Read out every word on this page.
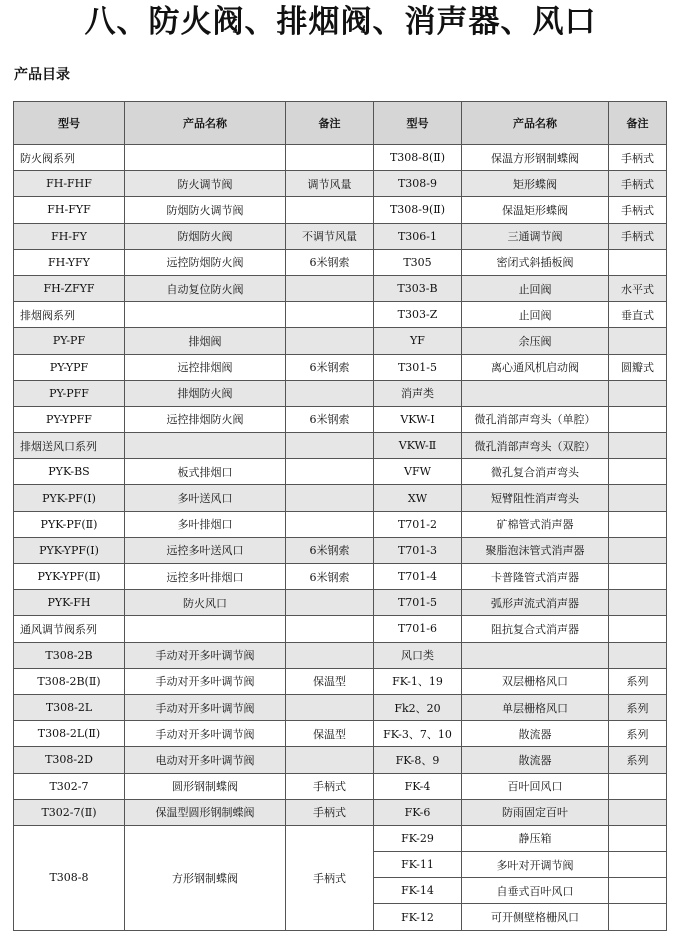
八、防火阀、排烟阀、消声器、风口
产品目录
型号	产品名称	备注	型号	产品名称	备注
防火阀系列			T308-8(Ⅱ)	保温方形钢制蝶阀	手柄式
FH-FHF	防火调节阀	调节风量	T308-9	矩形蝶阀	手柄式
FH-FYF	防烟防火调节阀		T308-9(Ⅱ)	保温矩形蝶阀	手柄式
FH-FY	防烟防火阀	不调节风量	T306-1	三通调节阀	手柄式
FH-YFY	远控防烟防火阀	6米钢索	T305	密闭式斜插板阀	
FH-ZFYF	自动复位防火阀		T303-B	止回阀	水平式
排烟阀系列			T303-Z	止回阀	垂直式
PY-PF	排烟阀		YF	余压阀	
PY-YPF	远控排烟阀	6米钢索	T301-5	离心通风机启动阀	圆瓣式
PY-PFF	排烟防火阀		消声类		
PY-YPFF	远控排烟防火阀	6米钢索	VKW-Ⅰ	微孔消部声弯头（单腔）	
排烟送风口系列			VKW-Ⅱ	微孔消部声弯头（双腔）	
PYK-BS	板式排烟口		VFW	微孔复合消声弯头	
PYK-PF(Ⅰ)	多叶送风口		XW	短臂阻性消声弯头	
PYK-PF(Ⅱ)	多叶排烟口		T701-2	矿棉管式消声器	
PYK-YPF(Ⅰ)	远控多叶送风口	6米钢索	T701-3	聚脂泡沫管式消声器	
PYK-YPF(Ⅱ)	远控多叶排烟口	6米钢索	T701-4	卡普隆管式消声器	
PYK-FH	防火风口		T701-5	弧形声流式消声器	
通风调节阀系列			T701-6	阻抗复合式消声器	
T308-2B	手动对开多叶调节阀		风口类		
T308-2B(Ⅱ)	手动对开多叶调节阀	保温型	FK-1、19	双层栅格风口	系列
T308-2L	手动对开多叶调节阀		Fk2、20	单层栅格风口	系列
T308-2L(Ⅱ)	手动对开多叶调节阀	保温型	FK-3、7、10	散流器	系列
T308-2D	电动对开多叶调节阀		FK-8、9	散流器	系列
T302-7	圆形钢制蝶阀	手柄式	FK-4	百叶回风口	
T302-7(Ⅱ)	保温型圆形钢制蝶阀	手柄式	FK-6	防雨固定百叶	
T308-8	方形钢制蝶阀	手柄式	FK-29	静压箱	
			FK-11	多叶对开调节阀	
			FK-14	自垂式百叶风口	
			FK-12	可开侧壁格栅风口	
